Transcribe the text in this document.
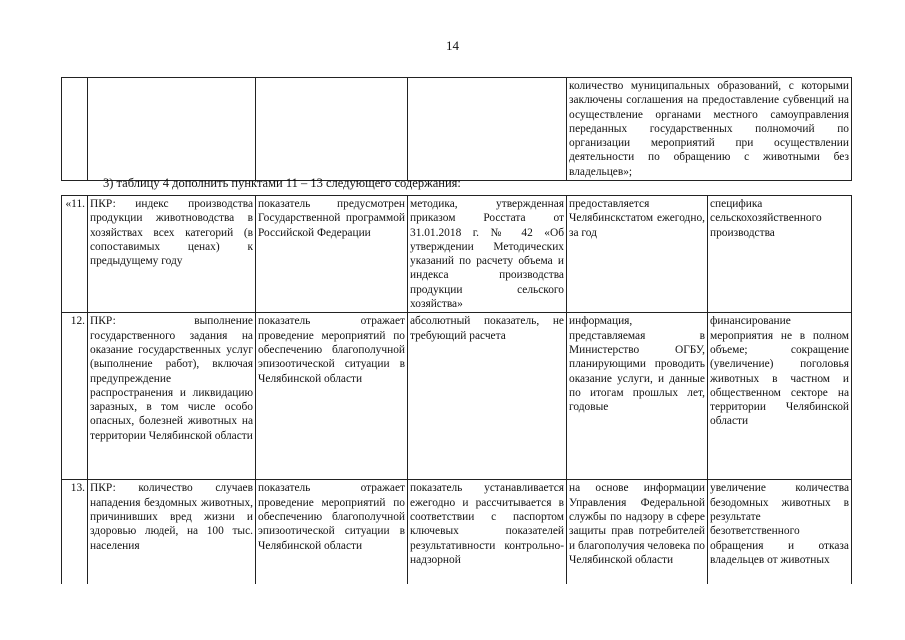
14
				количество муниципальных образований, с которыми заключены соглашения на предоставление субвенций на осуществление органами местного самоуправления переданных государственных полномочий по организации мероприятий при осуществлении деятельности по обращению с животными без владельцев»;
3) таблицу 4 дополнить пунктами 11 – 13 следующего содержания:
«11.	ПКР: индекс производства продукции животноводства в хозяйствах всех категорий (в сопоставимых ценах) к предыдущему году	показатель предусмотрен Государственной программой Российской Федерации	методика, утвержденная приказом Росстата от 31.01.2018 г. № 42 «Об утверждении Методических указаний по расчету объема и индекса производства продукции сельского хозяйства»	предоставляется Челябинскстатом ежегодно, за год	специфика сельскохозяйственного производства
12.	ПКР: выполнение государственного задания на оказание государственных услуг (выполнение работ), включая предупреждение распространения и ликвидацию заразных, в том числе особо опасных, болезней животных на территории Челябинской области	показатель отражает проведение мероприятий по обеспечению благополучной эпизоотической ситуации в Челябинской области	абсолютный показатель, не требующий расчета	информация, представляемая в Министерство ОГБУ, планирующими проводить оказание услуги, и данные по итогам прошлых лет, годовые	финансирование мероприятия не в полном объеме; сокращение (увеличение) поголовья животных в частном и общественном секторе на территории Челябинской области
13.	ПКР: количество случаев нападения бездомных животных, причинивших вред жизни и здоровью людей, на 100 тыс. населения	показатель отражает проведение мероприятий по обеспечению благополучной эпизоотической ситуации в Челябинской области	показатель устанавливается ежегодно и рассчитывается в соответствии с паспортом ключевых показателей результативности контрольно-надзорной	на основе информации Управления Федеральной службы по надзору в сфере защиты прав потребителей и благополучия человека по Челябинской области	увеличение количества безодомных животных в результате безответственного обращения и отказа владельцев от животных
